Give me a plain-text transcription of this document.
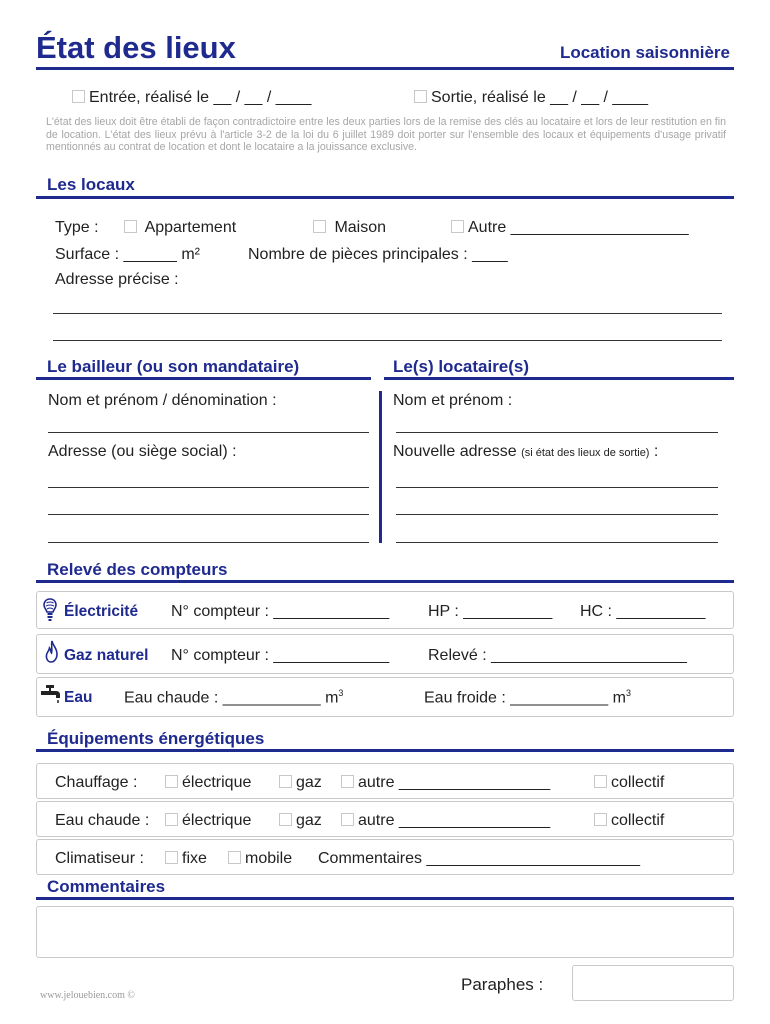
État des lieux	Location saisonnière
Entrée, réalisé le __ / __ / ____	Sortie, réalisé le __ / __ / ____
L'état des lieux doit être établi de façon contradictoire entre les deux parties lors de la remise des clés au locataire et lors de leur restitution en fin de location. L'état des lieux prévu à l'article 3-2 de la loi du 6 juillet 1989 doit porter sur l'ensemble des locaux et équipements d'usage privatif mentionnés au contrat de location et dont le locataire a la jouissance exclusive.
Les locaux
Type :	Appartement	Maison	Autre ____________________
Surface : ______ m²	Nombre de pièces principales : ____
Adresse précise :
Le bailleur (ou son mandataire)	Le(s) locataire(s)
Nom et prénom / dénomination :
Adresse (ou siège social) :
Nom et prénom :
Nouvelle adresse (si état des lieux de sortie) :
Relevé des compteurs
Électricité N° compteur : _____________ HP : __________ HC : __________
Gaz naturel N° compteur : _____________ Relevé : ______________________
Eau Eau chaude : ___________ $m^3$	Eau froide : ___________ $m^3$
Équipements énergétiques
Chauffage :	électrique	gaz	autre _________________	collectif
Eau chaude :	électrique	gaz	autre _________________	collectif
Climatiseur :	fixe	mobile Commentaires ________________________
Commentaires
Paraphes :
www.jelouebien.com ©
